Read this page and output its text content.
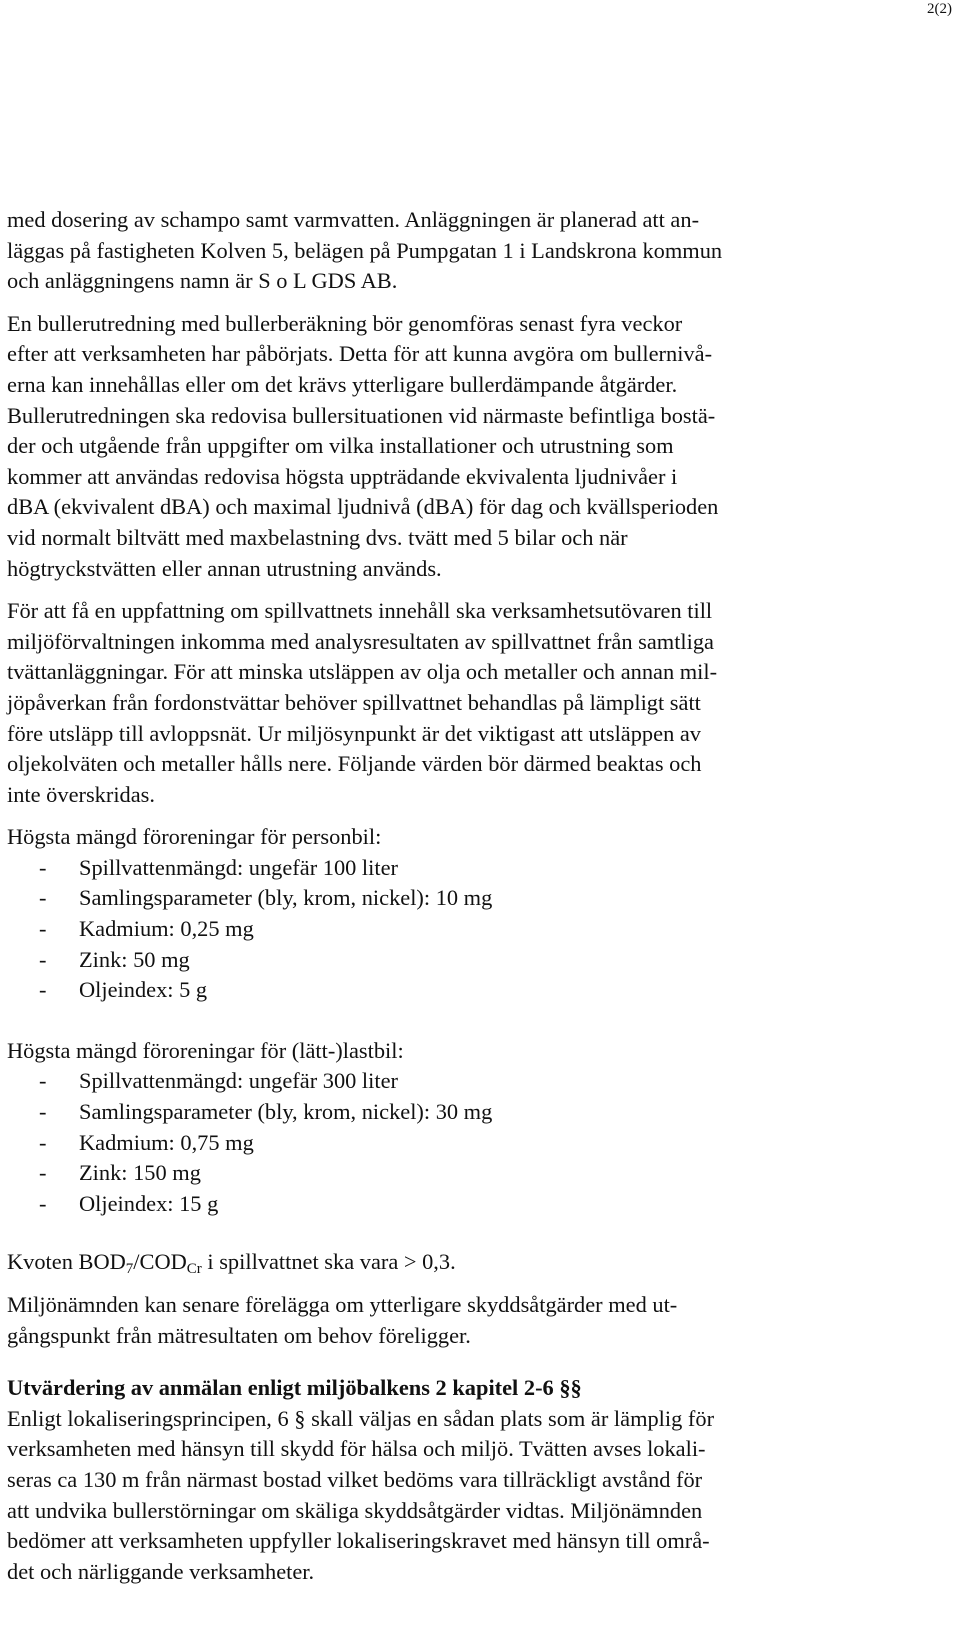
2(2)

med dosering av schampo samt varmvatten. Anläggningen är planerad att an-
läggas på fastigheten Kolven 5, belägen på Pumpgatan 1 i Landskrona kommun
och anläggningens namn är S o L GDS AB.

En bullerutredning med bullerberäkning bör genomföras senast fyra veckor
efter att verksamheten har påbörjats. Detta för att kunna avgöra om bullernivå-
erna kan innehållas eller om det krävs ytterligare bullerdämpande åtgärder.
Bullerutredningen ska redovisa bullersituationen vid närmaste befintliga bostä-
der och utgående från uppgifter om vilka installationer och utrustning som
kommer att användas redovisa högsta uppträdande ekvivalenta ljudnivåer i
dBA (ekvivalent dBA) och maximal ljudnivå (dBA) för dag och kvällsperioden
vid normalt biltvätt med maxbelastning dvs. tvätt med 5 bilar och när
högtryckstvätten eller annan utrustning används.

För att få en uppfattning om spillvattnets innehåll ska verksamhetsutövaren till
miljöförvaltningen inkomma med analysresultaten av spillvattnet från samtliga
tvättanläggningar. För att minska utsläppen av olja och metaller och annan mil-
jöpåverkan från fordonstvättar behöver spillvattnet behandlas på lämpligt sätt
före utsläpp till avloppsnät. Ur miljösynpunkt är det viktigast att utsläppen av
oljekolväten och metaller hålls nere. Följande värden bör därmed beaktas och
inte överskridas.

Högsta mängd föroreningar för personbil:

- Spillvattenmängd: ungefär 100 liter
- Samlingsparameter (bly, krom, nickel): 10 mg
- Kadmium: 0,25 mg
- Zink: 50 mg
- Oljeindex: 5 g

Högsta mängd föroreningar för (lätt-)lastbil:

- Spillvattenmängd: ungefär 300 liter
- Samlingsparameter (bly, krom, nickel): 30 mg
- Kadmium: 0,75 mg
- Zink: 150 mg
- Oljeindex: 15 g

Kvoten $BOD_7/COD_{Cr}$ i spillvattnet ska vara > 0,3.

Miljönämnden kan senare förelägga om ytterligare skyddsåtgärder med ut-
gångspunkt från mätresultaten om behov föreligger.

Utvärdering av anmälan enligt miljöbalkens 2 kapitel 2-6 §§

Enligt lokaliseringsprincipen, 6 § skall väljas en sådan plats som är lämplig för
verksamheten med hänsyn till skydd för hälsa och miljö. Tvätten avses lokali-
seras ca 130 m från närmast bostad vilket bedöms vara tillräckligt avstånd för
att undvika bullerstörningar om skäliga skyddsåtgärder vidtas. Miljönämnden
bedömer att verksamheten uppfyller lokaliseringskravet med hänsyn till områ-
det och närliggande verksamheter.
